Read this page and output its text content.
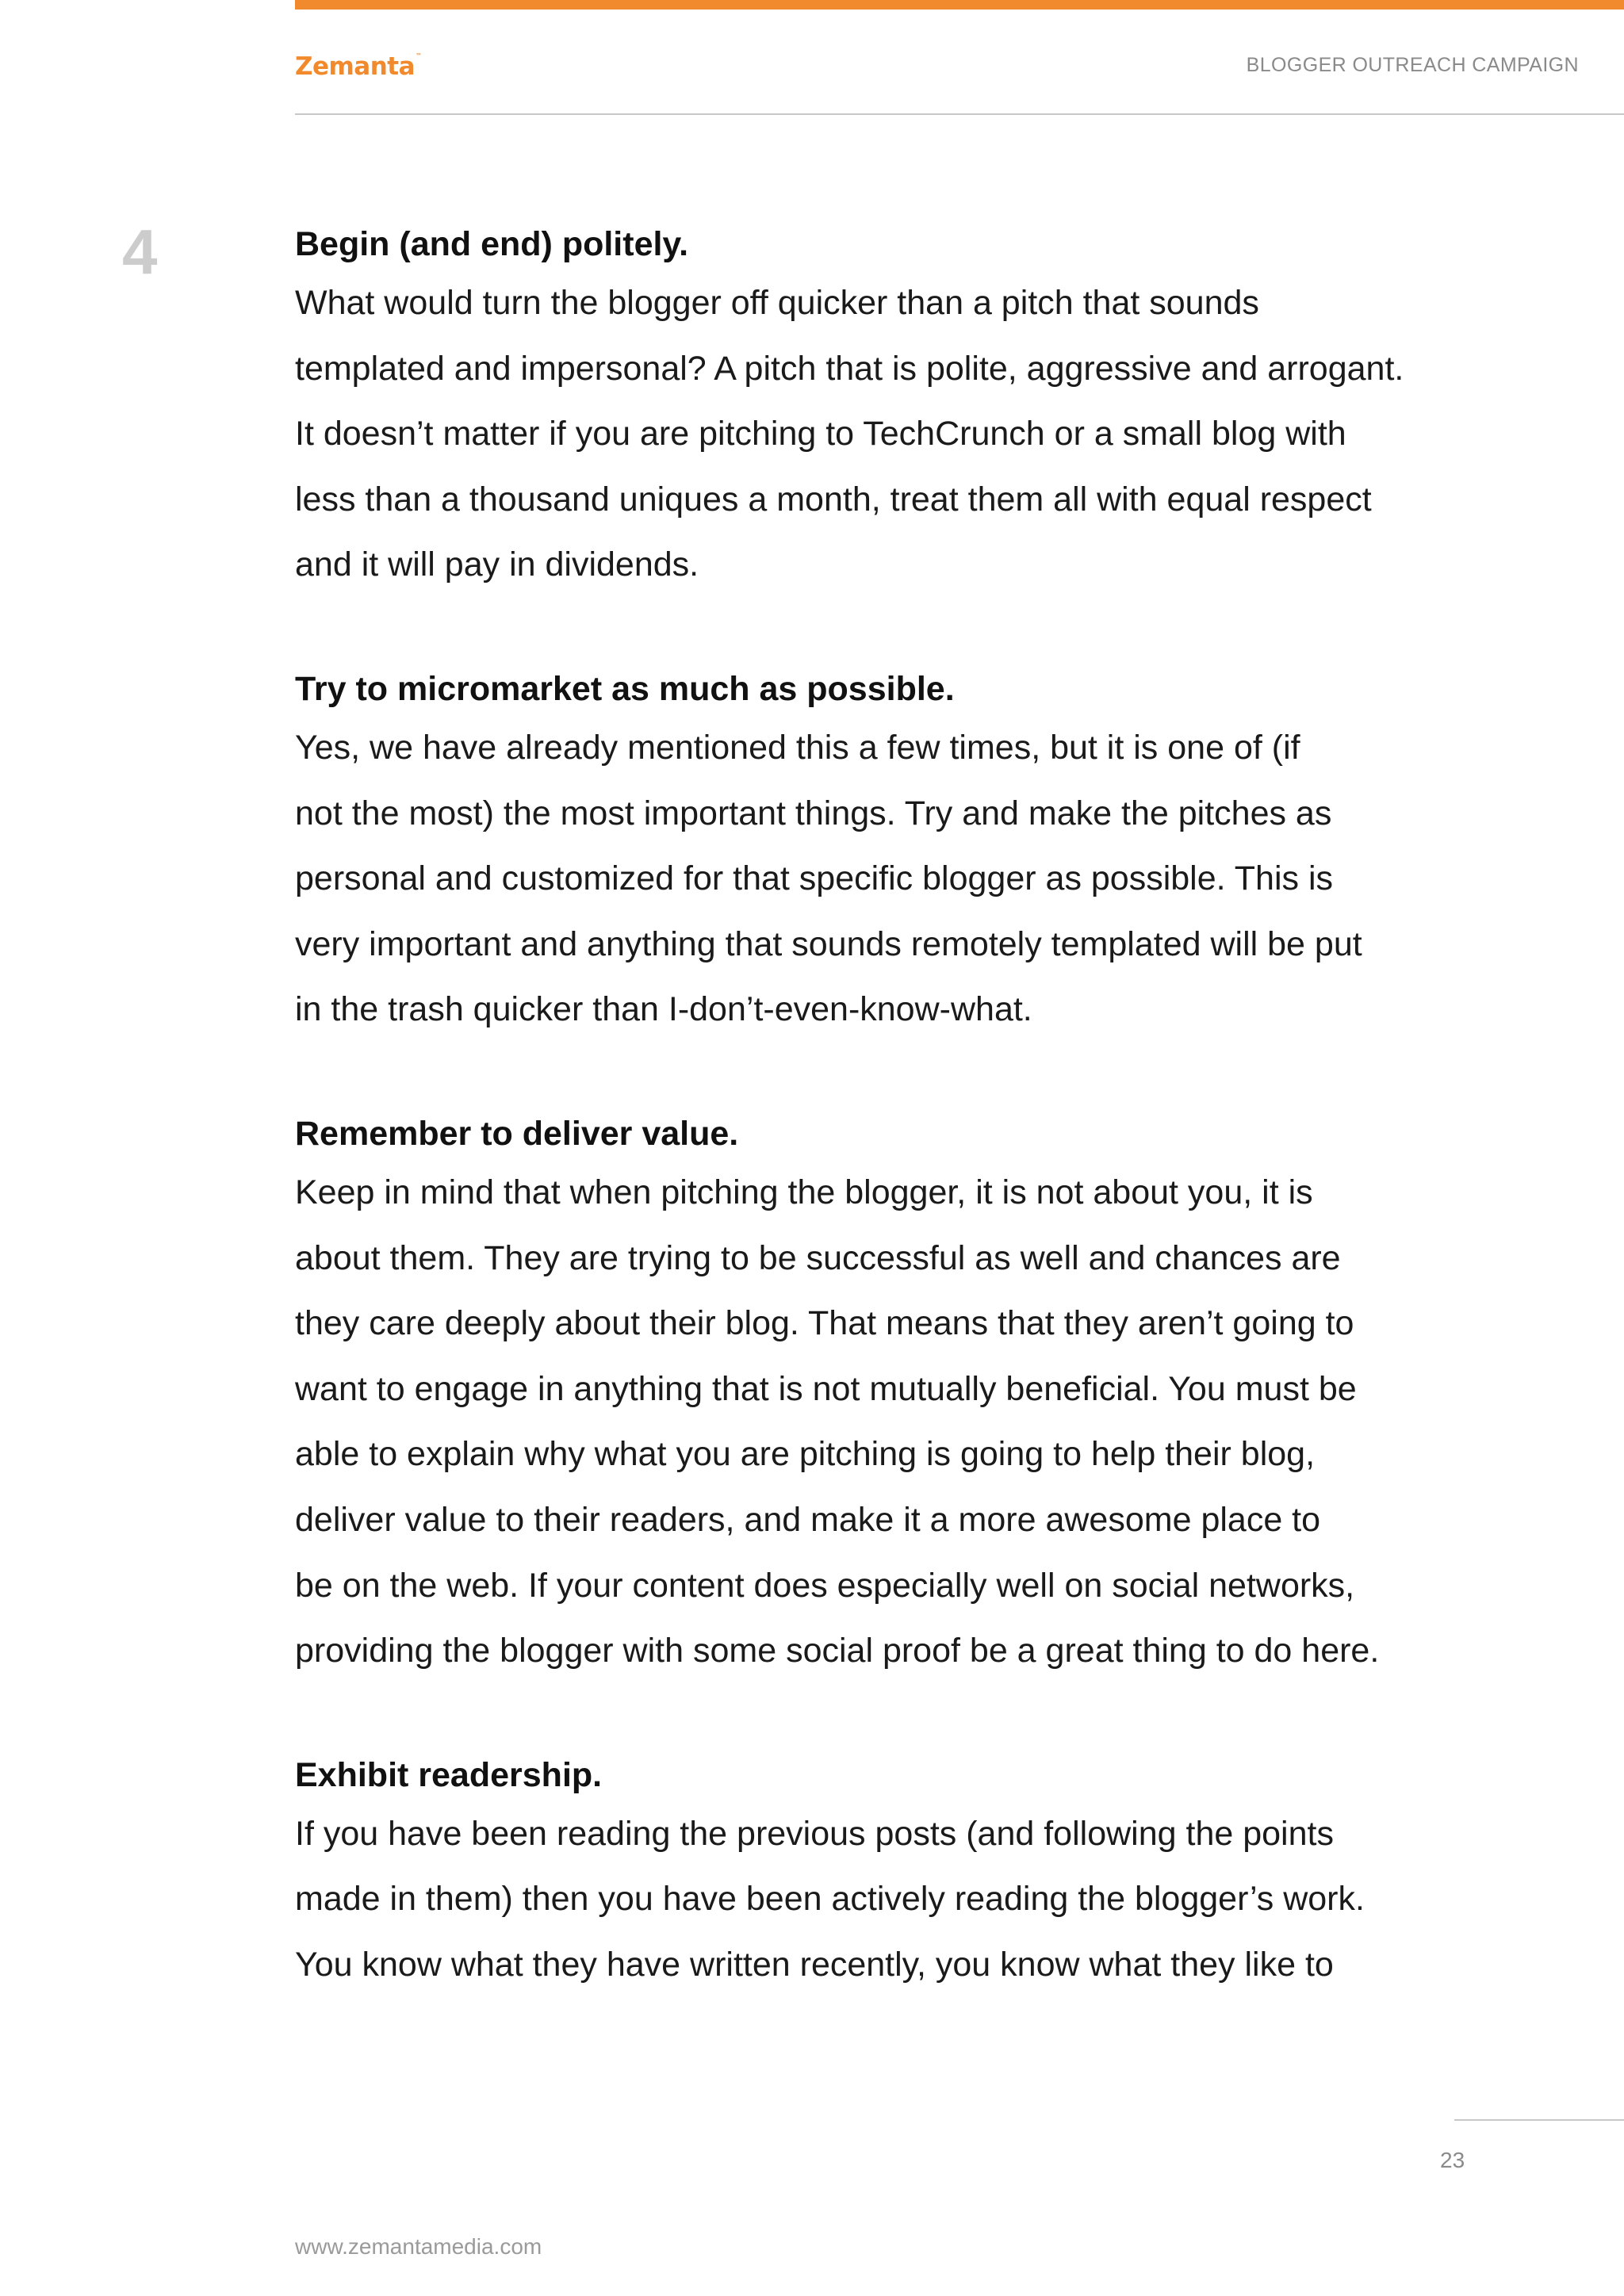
Zemanta™	BLOGGER OUTREACH CAMPAIGN
4	Begin (and end) politely.

What would turn the blogger off quicker than a pitch that sounds
templated and impersonal? A pitch that is polite, aggressive and arrogant.
It doesn’t matter if you are pitching to TechCrunch or a small blog with
less than a thousand uniques a month, treat them all with equal respect
and it will pay in dividends.

Try to micromarket as much as possible.

Yes, we have already mentioned this a few times, but it is one of (if
not the most) the most important things. Try and make the pitches as
personal and customized for that specific blogger as possible. This is
very important and anything that sounds remotely templated will be put
in the trash quicker than I-don’t-even-know-what.

Remember to deliver value.

Keep in mind that when pitching the blogger, it is not about you, it is
about them. They are trying to be successful as well and chances are
they care deeply about their blog. That means that they aren’t going to
want to engage in anything that is not mutually beneficial. You must be
able to explain why what you are pitching is going to help their blog,
deliver value to their readers, and make it a more awesome place to
be on the web. If your content does especially well on social networks,
providing the blogger with some social proof be a great thing to do here.

Exhibit readership.

If you have been reading the previous posts (and following the points
made in them) then you have been actively reading the blogger’s work.
You know what they have written recently, you know what they like to

23
www.zemantamedia.com
